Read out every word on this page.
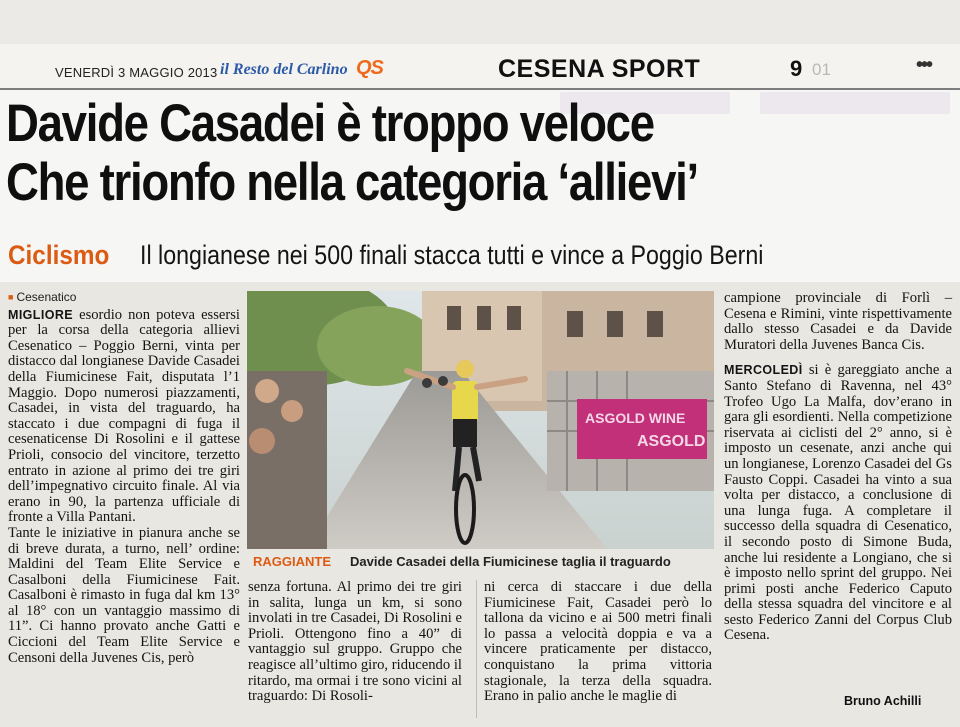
VENERDÌ 3 MAGGIO 2013 il Resto del Carlino QS	CESENA SPORT	9 01	•••
Davide Casadei è troppo veloce
Che trionfo nella categoria ‘allievi’
Ciclismo Il longianese nei 500 finali stacca tutti e vince a Poggio Berni
■ Cesenatico

MIGLIORE esordio non poteva essersi per la corsa della categoria allievi Cesenatico – Poggio Berni, vinta per distacco dal longianese Davide Casadei della Fiumicinese Fait, disputata l’1 Maggio. Dopo numerosi piazzamenti, Casadei, in vista del traguardo, ha staccato i due compagni di fuga il cesenaticense Di Rosolini e il gattese Prioli, consocio del vincitore, terzetto entrato in azione al primo dei tre giri dell’impegnativo circuito finale. Al via erano in 90, la partenza ufficiale di fronte a Villa Pantani.

Tante le iniziative in pianura anche se di breve durata, a turno, nell’ ordine: Maldini del Team Elite Service e Casalboni della Fiumicinese Fait. Casalboni è rimasto in fuga dal km 13° al 18° con un vantaggio massimo di 11”. Ci hanno provato anche Gatti e Ciccioni del Team Elite Service e Censoni della Juvenes Cis, però

ASGOLD WINE
ASGOLD
RAGGIANTE Davide Casadei della Fiumicinese taglia il traguardo
senza fortuna. Al primo dei tre giri in salita, lunga un km, si sono involati in tre Casadei, Di Rosolini e Prioli. Ottengono fino a 40” di vantaggio sul gruppo. Gruppo che reagisce all’ultimo giro, riducendo il ritardo, ma ormai i tre sono vicini al traguardo: Di Rosoli-
ni cerca di staccare i due della Fiumicinese Fait, Casadei però lo tallona da vicino e ai 500 metri finali lo passa a velocità doppia e va a vincere praticamente per distacco, conquistano la prima vittoria stagionale, la terza della squadra. Erano in palio anche le maglie di

campione provinciale di Forlì – Cesena e Rimini, vinte rispettivamente dallo stesso Casadei e da Davide Muratori della Juvenes Banca Cis.

MERCOLEDÌ si è gareggiato anche a Santo Stefano di Ravenna, nel 43° Trofeo Ugo La Malfa, dov’erano in gara gli esordienti. Nella competizione riservata ai ciclisti del 2° anno, si è imposto un cesenate, anzi anche qui un longianese, Lorenzo Casadei del Gs Fausto Coppi. Casadei ha vinto a sua volta per distacco, a conclusione di una lunga fuga. A completare il successo della squadra di Cesenatico, il secondo posto di Simone Buda, anche lui residente a Longiano, che si è imposto nello sprint del gruppo. Nei primi posti anche Federico Caputo della stessa squadra del vincitore e al sesto Federico Zanni del Corpus Club Cesena.

Bruno Achilli
